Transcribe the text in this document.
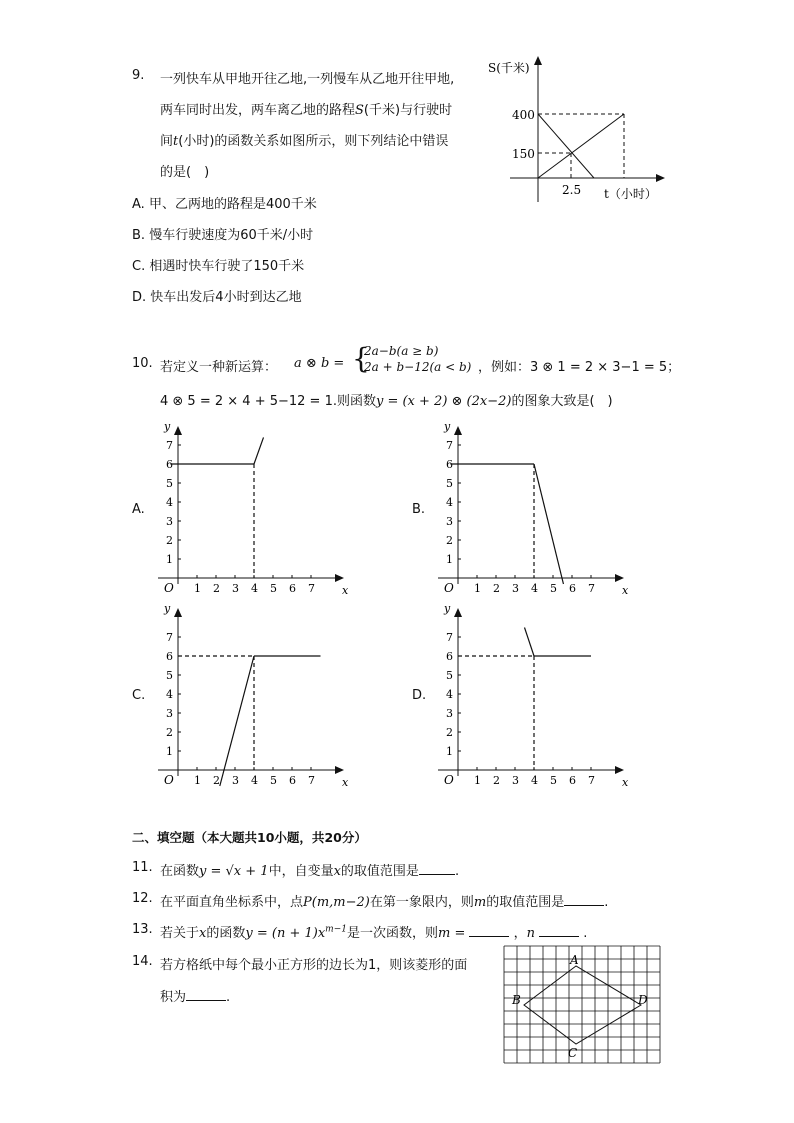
9. 一列快车从甲地开往乙地,一列慢车从乙地开往甲地,
两车同时出发，两车离乙地的路程S(千米)与行驶时
间t(小时)的函数关系如图所示，则下列结论中错误
的是(　)
A. 甲、乙两地的路程是400千米
B. 慢车行驶速度为60千米/小时
C. 相遇时快车行驶了150千米
D. 快车出发后4小时到达乙地
S(千米)
400
150
2.5 t（小时）
10. 若定义一种新运算： a ⊗ b = {
2a−b(a ≥ b)
2a + b−12(a < b) ，例如：3 ⊗ 1 = 2 × 3−1 = 5；
4 ⊗ 5 = 2 × 4 + 5−12 = 1.则函数y = (x + 2) ⊗ (2x−2)的图象大致是(　)
A.
y
x
O
1
2
3
4
5
6
7
1 2 3 4 5 6 7
B.
y
x
O
1
2
3
4
5
6
7
1 2 3 4 5 6 7
C.
y
x
O
1
2
3
4
5
6
7
1 2 3 4 5 6 7
D.
y
x
O
1
2
3
4
5
6
7
1 2 3 4 5 6 7
二、填空题（本大题共10小题，共20分）
11. 在函数y = √x + 1中，自变量x的取值范围是	.
12. 在平面直角坐标系中，点P(m,m−2)在第一象限内，则m的取值范围是	.
13. 若关于x的函数$y = (n + 1)x^{m-1}$是一次函数，则m =	，n	.
14. 若方格纸中每个最小正方形的边长为1，则该菱形的面
积为	.
A
B
C
D
